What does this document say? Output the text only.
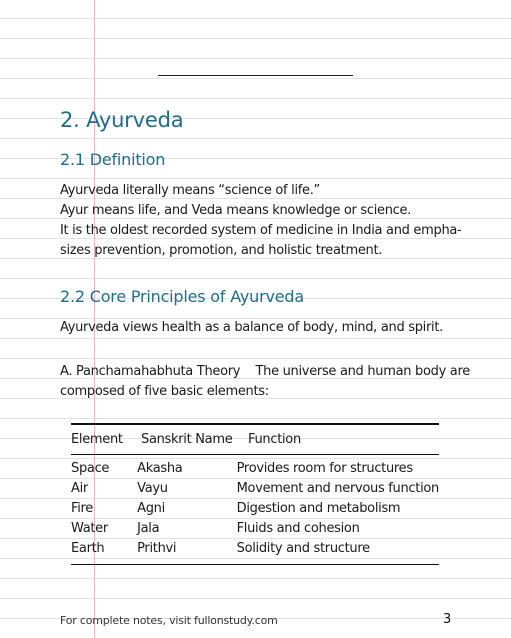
2. Ayurveda
2.1 Definition
Ayurveda literally means “science of life.”
Ayur means life, and Veda means knowledge or science.
It is the oldest recorded system of medicine in India and empha-
sizes prevention, promotion, and holistic treatment.
2.2 Core Principles of Ayurveda
Ayurveda views health as a balance of body, mind, and spirit.
A. Panchamahabhuta Theory    The universe and human body are
composed of five basic elements:
Element	Sanskrit Name	Function
Space	Akasha	Provides room for structures
Air	Vayu	Movement and nervous function
Fire	Agni	Digestion and metabolism
Water	Jala	Fluids and cohesion
Earth	Prithvi	Solidity and structure
For complete notes, visit fullonstudy.com	3
